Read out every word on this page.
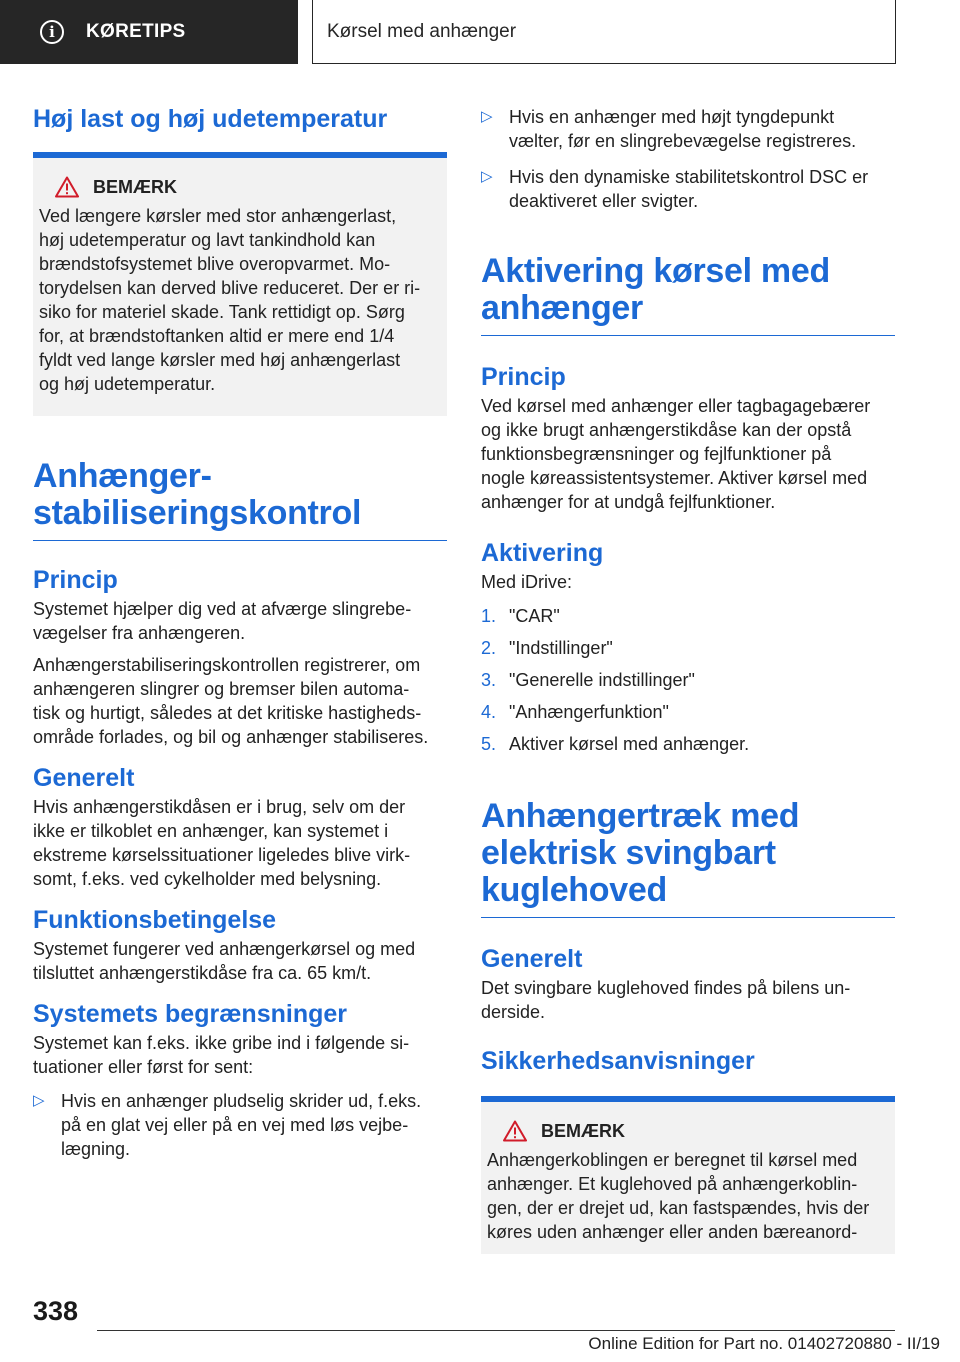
i	KØRETIPS	Kørsel med anhænger
Høj last og høj udetemperatur
BEMÆRK
Ved længere kørsler med stor anhængerlast,
høj udetemperatur og lavt tankindhold kan
brændstofsystemet blive overopvarmet. Mo-
torydelsen kan derved blive reduceret. Der er ri-
siko for materiel skade. Tank rettidigt op. Sørg
for, at brændstoftanken altid er mere end 1/4
fyldt ved lange kørsler med høj anhængerlast
og høj udetemperatur.
Anhænger-
stabiliseringskontrol
Princip
Systemet hjælper dig ved at afværge slingrebe-
vægelser fra anhængeren.
Anhængerstabiliseringskontrollen registrerer, om
anhængeren slingrer og bremser bilen automa-
tisk og hurtigt, således at det kritiske hastigheds-
område forlades, og bil og anhænger stabiliseres.
Generelt
Hvis anhængerstikdåsen er i brug, selv om der
ikke er tilkoblet en anhænger, kan systemet i
ekstreme kørselssituationer ligeledes blive virk-
somt, f.eks. ved cykelholder med belysning.
Funktionsbetingelse
Systemet fungerer ved anhængerkørsel og med
tilsluttet anhængerstikdåse fra ca. 65 km/t.
Systemets begrænsninger
Systemet kan f.eks. ikke gribe ind i følgende si-
tuationer eller først for sent:
▷ Hvis en anhænger pludselig skrider ud, f.eks.
på en glat vej eller på en vej med løs vejbe-
lægning.
▷ Hvis en anhænger med højt tyngdepunkt
vælter, før en slingrebevægelse registreres.
▷ Hvis den dynamiske stabilitetskontrol DSC er
deaktiveret eller svigter.
Aktivering kørsel med
anhænger
Princip
Ved kørsel med anhænger eller tagbagagebærer
og ikke brugt anhængerstikdåse kan der opstå
funktionsbegrænsninger og fejlfunktioner på
nogle køreassistentsystemer. Aktiver kørsel med
anhænger for at undgå fejlfunktioner.
Aktivering
Med iDrive:
1. "CAR"
2. "Indstillinger"
3. "Generelle indstillinger"
4. "Anhængerfunktion"
5. Aktiver kørsel med anhænger.
Anhængertræk med
elektrisk svingbart
kuglehoved
Generelt
Det svingbare kuglehoved findes på bilens un-
derside.
Sikkerhedsanvisninger
BEMÆRK
Anhængerkoblingen er beregnet til kørsel med
anhænger. Et kuglehoved på anhængerkoblin-
gen, der er drejet ud, kan fastspændes, hvis der
køres uden anhænger eller anden bæreanord-
338
Online Edition for Part no. 01402720880 - II/19
